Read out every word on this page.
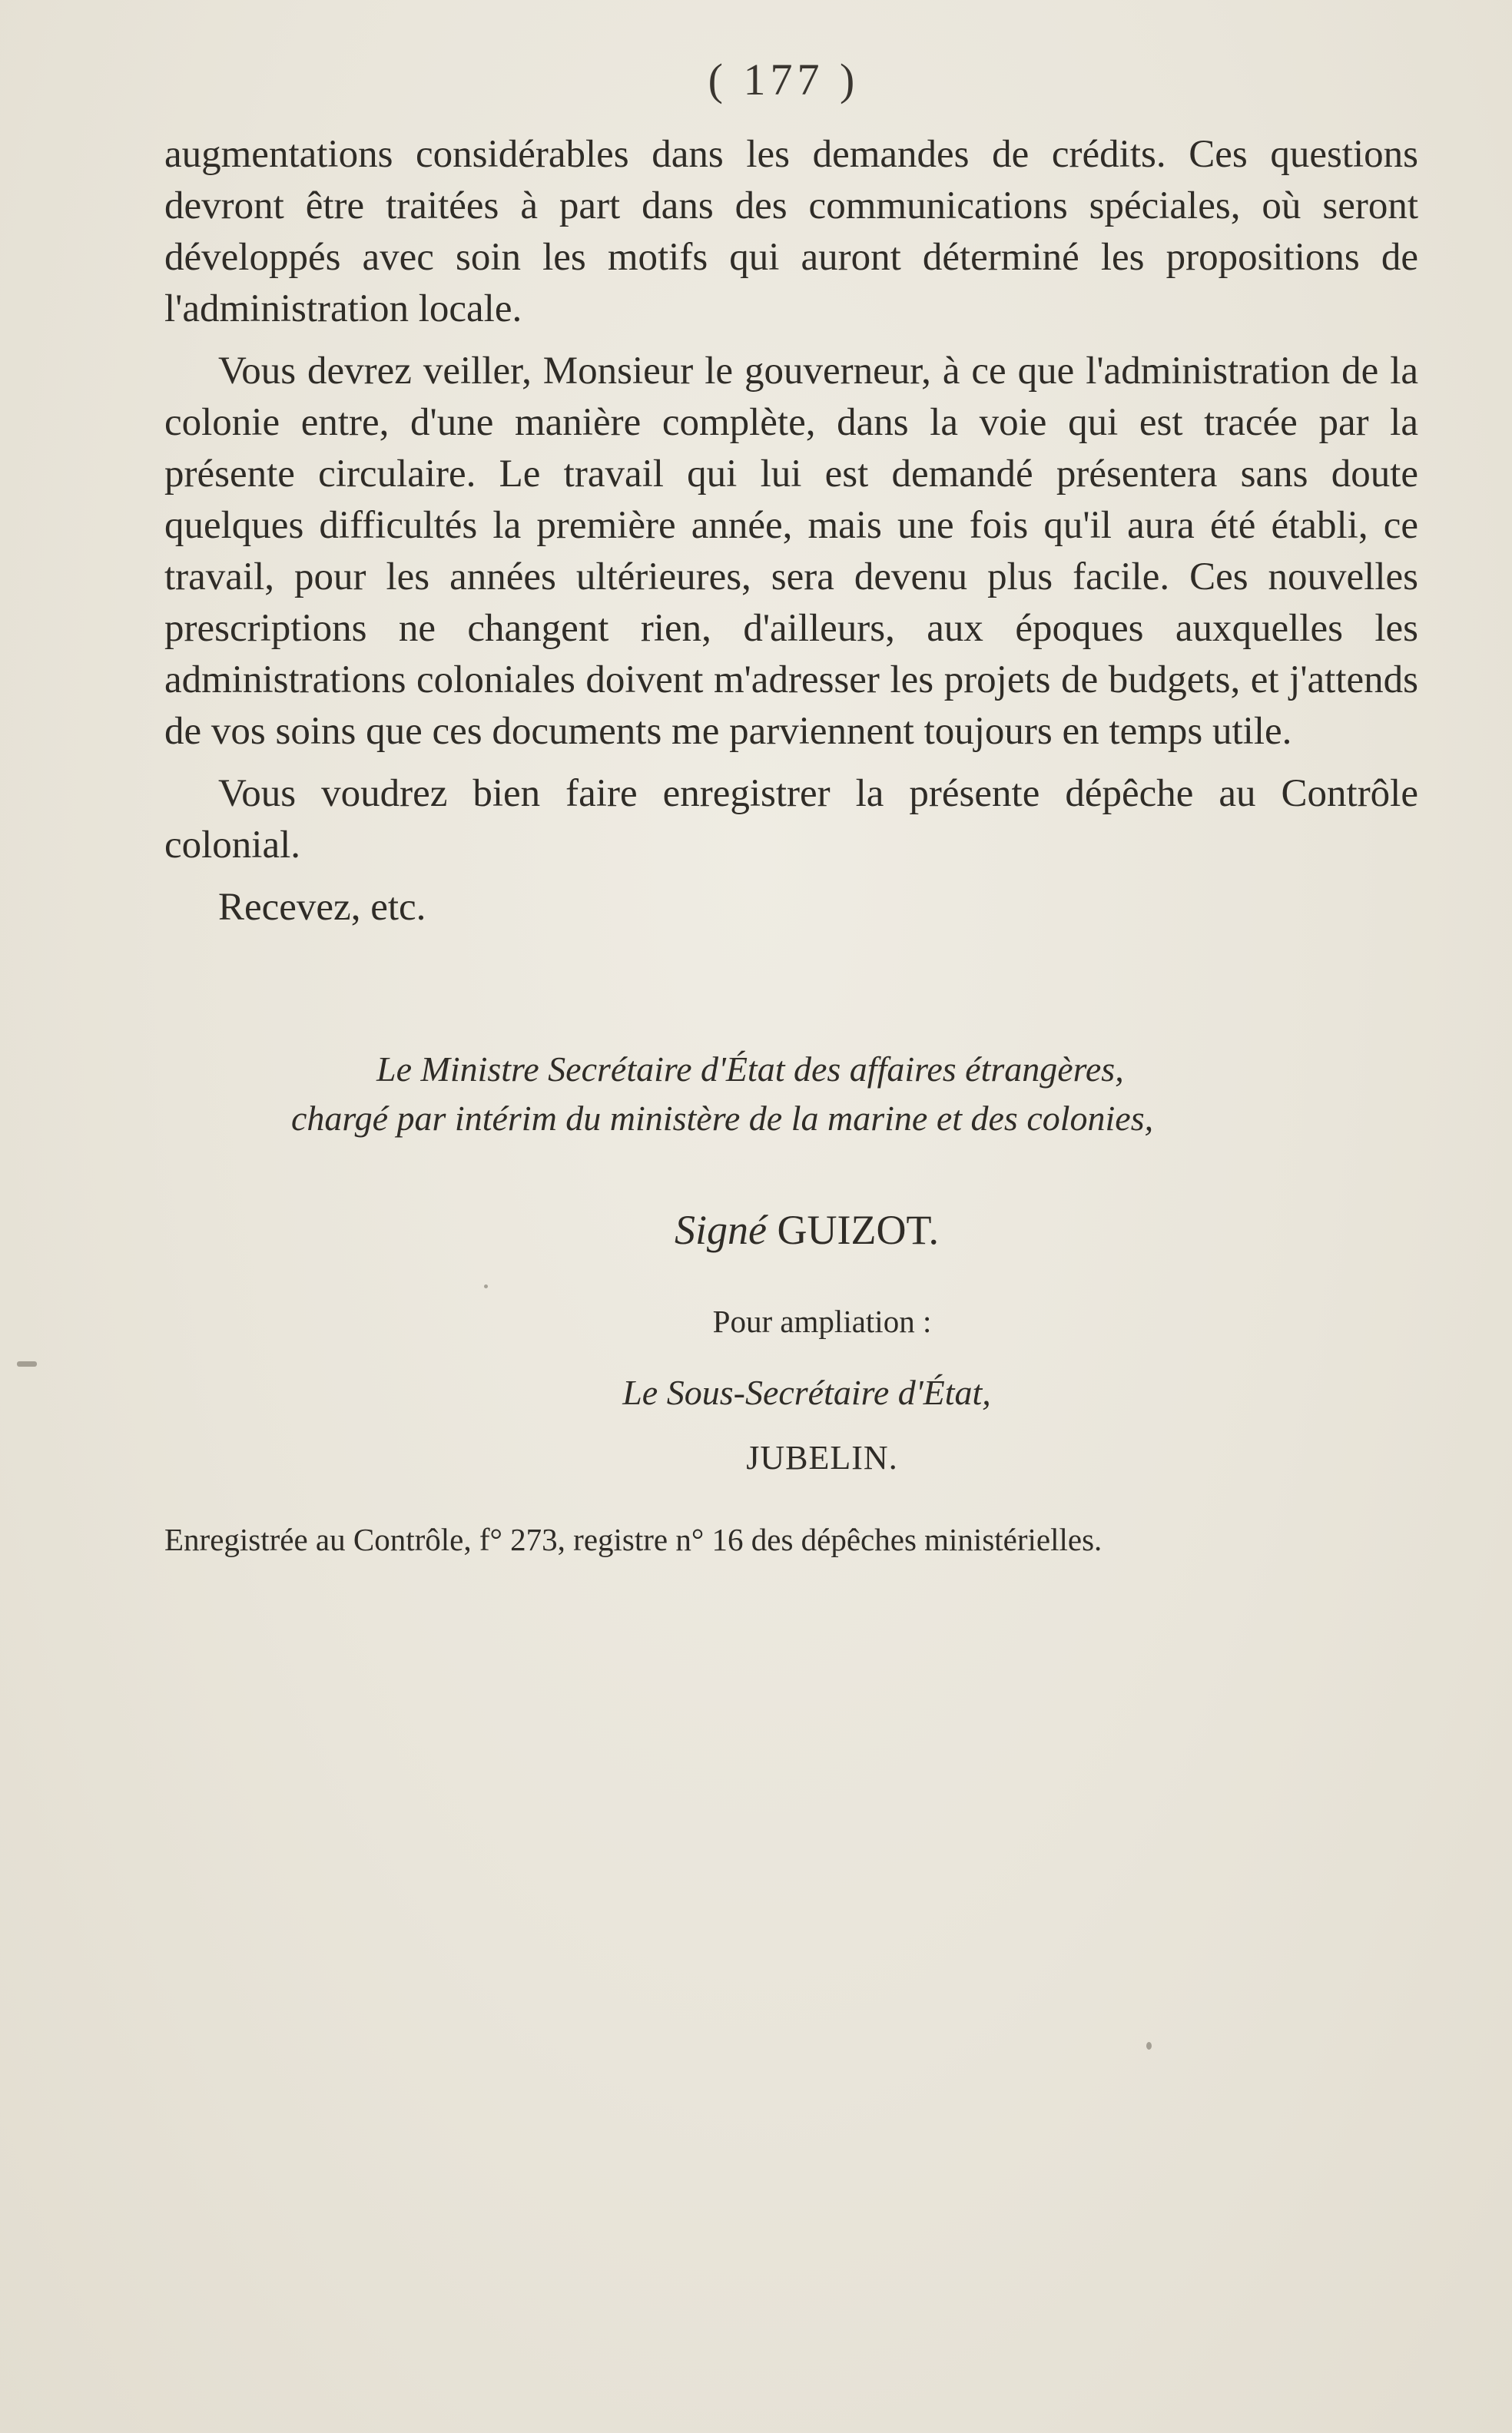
( 177 )

augmentations considérables dans les demandes de crédits. Ces questions devront être traitées à part dans des communications spéciales, où seront développés avec soin les motifs qui auront déterminé les propositions de l'administration locale.

Vous devrez veiller, Monsieur le gouverneur, à ce que l'administration de la colonie entre, d'une manière complète, dans la voie qui est tracée par la présente circulaire. Le travail qui lui est demandé présentera sans doute quelques difficultés la première année, mais une fois qu'il aura été établi, ce travail, pour les années ultérieures, sera devenu plus facile. Ces nouvelles prescriptions ne changent rien, d'ailleurs, aux époques auxquelles les administrations coloniales doivent m'adresser les projets de budgets, et j'attends de vos soins que ces documents me parviennent toujours en temps utile.

Vous voudrez bien faire enregistrer la présente dépêche au Contrôle colonial.

Recevez, etc.

Le Ministre Secrétaire d'État des affaires étrangères,
chargé par intérim du ministère de la marine et des colonies,
Signé GUIZOT.
Pour ampliation :
Le Sous-Secrétaire d'État,
JUBELIN.
Enregistrée au Contrôle, f° 273, registre n° 16 des dépêches ministérielles.
